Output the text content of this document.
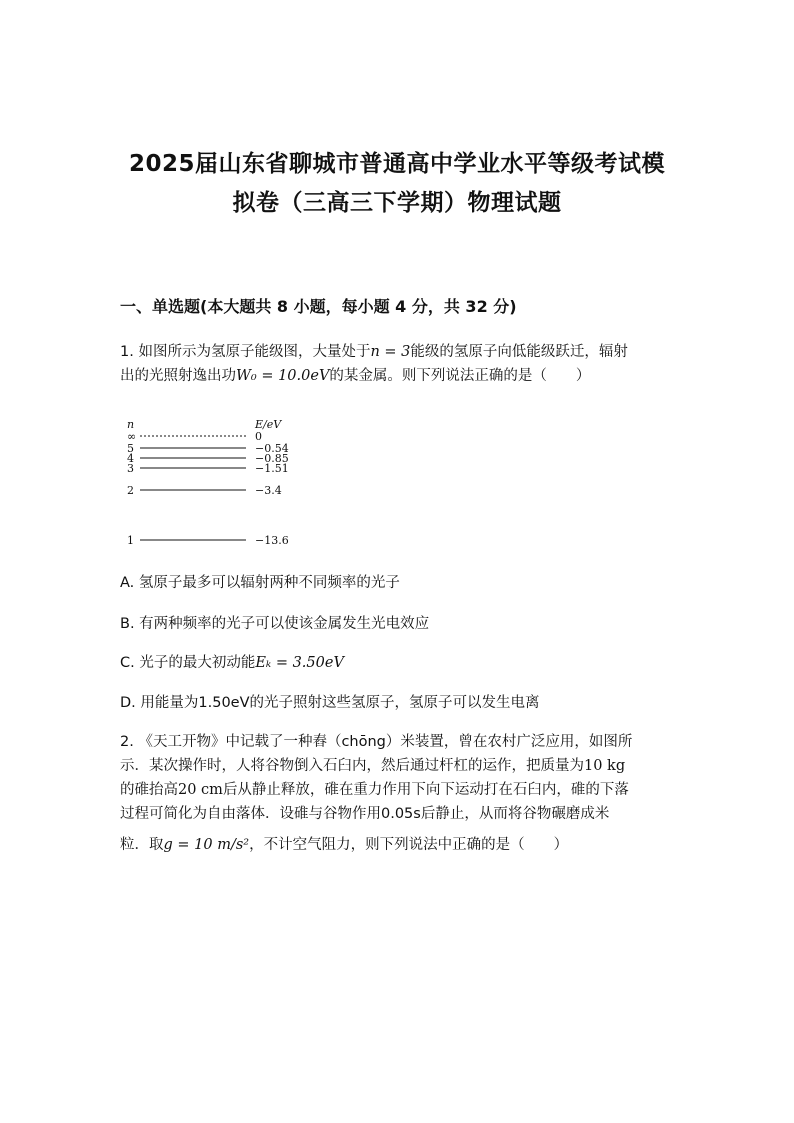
2025届山东省聊城市普通高中学业水平等级考试模
拟卷（三高三下学期）物理试题
一、单选题(本大题共 8 小题，每小题 4 分，共 32 分)
1. 如图所示为氢原子能级图，大量处于n = 3能级的氢原子向低能级跃迁，辐射
出的光照射逸出功W₀ = 10.0eV的某金属。则下列说法正确的是（　　）
n	E/eV
∞	0
5	−0.54
4	−0.85
3	−1.51
2	−3.4
1	−13.6
A. 氢原子最多可以辐射两种不同频率的光子
B. 有两种频率的光子可以使该金属发生光电效应
C. 光子的最大初动能Eₖ = 3.50eV
D. 用能量为1.50eV的光子照射这些氢原子，氢原子可以发生电离
2. 《天工开物》中记载了一种舂（chōng）米装置，曾在农村广泛应用，如图所
示．某次操作时，人将谷物倒入石臼内，然后通过杆杠的运作，把质量为10 kg
的碓抬高20 cm后从静止释放，碓在重力作用下向下运动打在石臼内，碓的下落
过程可简化为自由落体．设碓与谷物作用0.05s后静止，从而将谷物碾磨成米
粒．取g = 10 m/s²，不计空气阻力，则下列说法中正确的是（　　）
